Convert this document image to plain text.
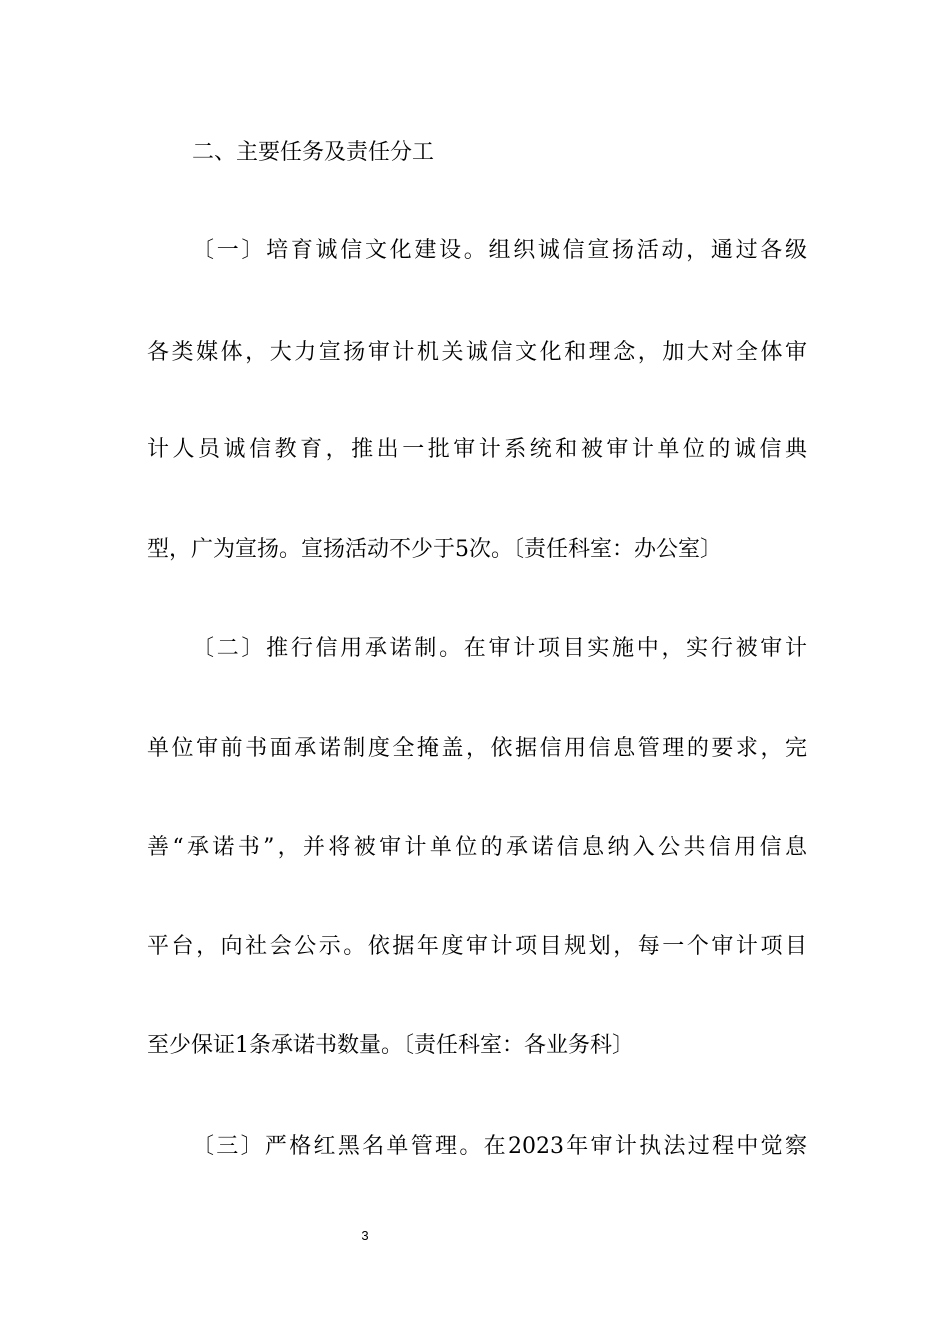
二、主要任务及责任分工
〔一〕培育诚信文化建设。组织诚信宣扬活动，通过各级
各类媒体，大力宣扬审计机关诚信文化和理念，加大对全体审
计人员诚信教育，推出一批审计系统和被审计单位的诚信典
型，广为宣扬。宣扬活动不少于5次。〔责任科室：办公室〕
〔二〕推行信用承诺制。在审计项目实施中，实行被审计
单位审前书面承诺制度全掩盖，依据信用信息管理的要求，完
善“承诺书”，并将被审计单位的承诺信息纳入公共信用信息
平台，向社会公示。依据年度审计项目规划，每一个审计项目
至少保证1条承诺书数量。〔责任科室：各业务科〕
〔三〕严格红黑名单管理。在2023年审计执法过程中觉察
3
